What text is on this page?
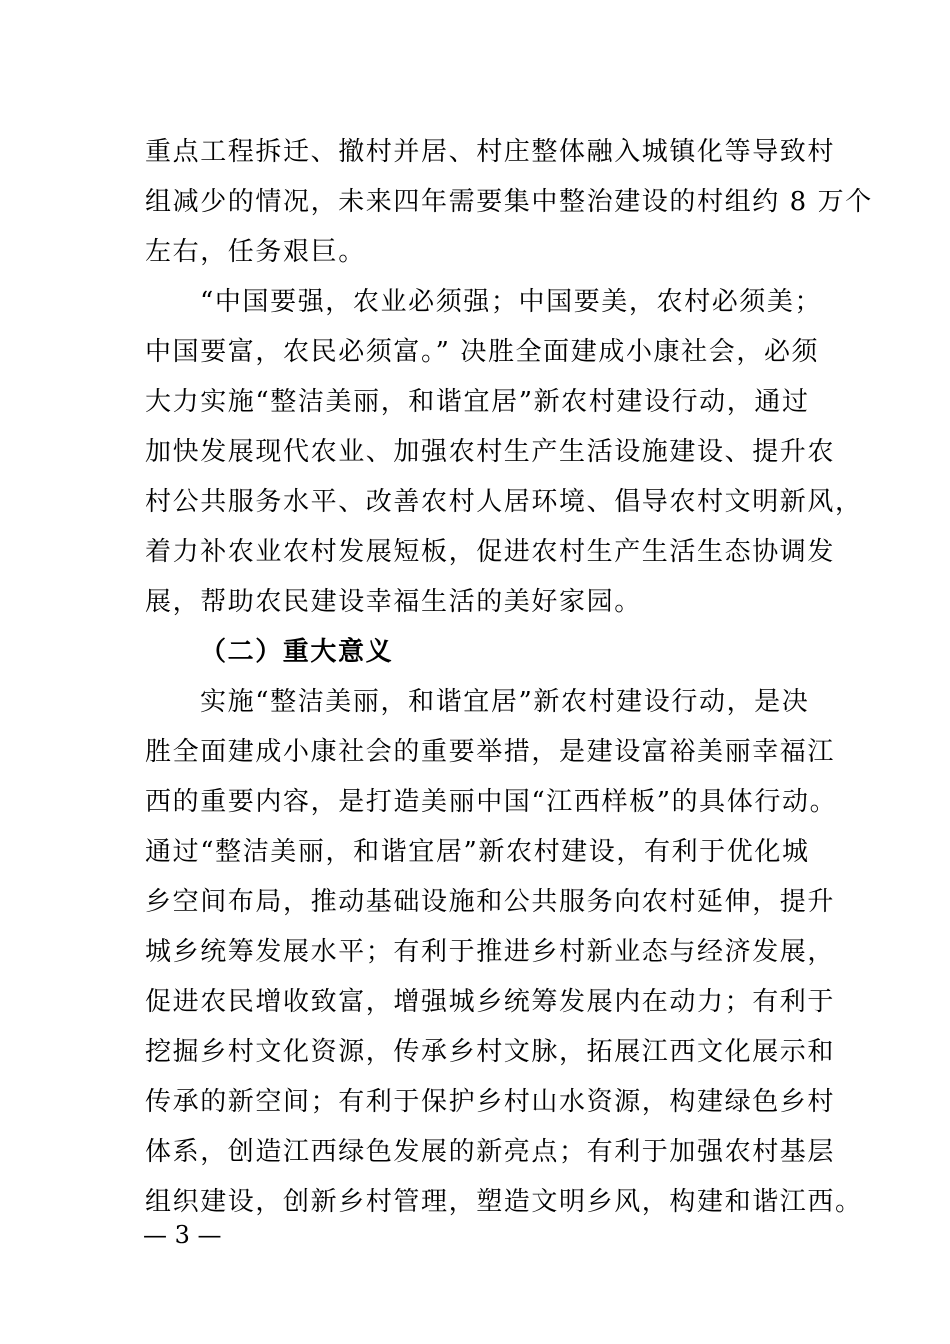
重点工程拆迁、撤村并居、村庄整体融入城镇化等导致村
组减少的情况，未来四年需要集中整治建设的村组约 8 万个
左右，任务艰巨。
“中国要强，农业必须强；中国要美，农村必须美；
中国要富，农民必须富。” 决胜全面建成小康社会，必须
大力实施“整洁美丽，和谐宜居”新农村建设行动，通过
加快发展现代农业、加强农村生产生活设施建设、提升农
村公共服务水平、改善农村人居环境、倡导农村文明新风，
着力补农业农村发展短板，促进农村生产生活生态协调发
展，帮助农民建设幸福生活的美好家园。
（二）重大意义
实施“整洁美丽，和谐宜居”新农村建设行动，是决
胜全面建成小康社会的重要举措，是建设富裕美丽幸福江
西的重要内容，是打造美丽中国“江西样板”的具体行动。
通过“整洁美丽，和谐宜居”新农村建设，有利于优化城
乡空间布局，推动基础设施和公共服务向农村延伸，提升
城乡统筹发展水平；有利于推进乡村新业态与经济发展，
促进农民增收致富，增强城乡统筹发展内在动力；有利于
挖掘乡村文化资源，传承乡村文脉，拓展江西文化展示和
传承的新空间；有利于保护乡村山水资源，构建绿色乡村
体系，创造江西绿色发展的新亮点；有利于加强农村基层
组织建设，创新乡村管理，塑造文明乡风，构建和谐江西。
— 3 —
